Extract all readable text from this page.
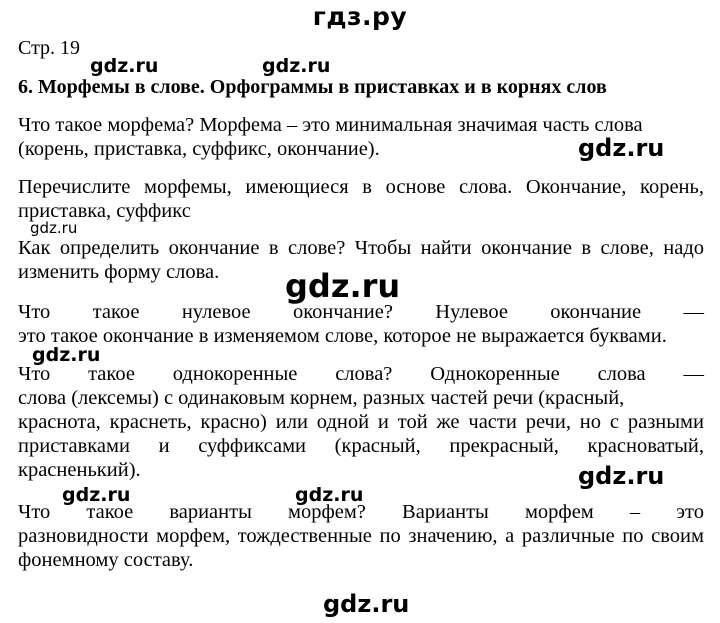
гдз.ру
Стр. 19
gdz.ru	gdz.ru
6. Морфемы в слове. Орфограммы в приставках и в корнях слов
Что такое морфема? Морфема – это минимальная значимая часть слова
(корень, приставка, суффикс, окончание).	gdz.ru
Перечислите морфемы, имеющиеся в основе слова. Окончание, корень,
приставка, суффикс
gdz.ru
Как определить окончание в слове? Чтобы найти окончание в слове, надо
изменить форму слова.	gdz.ru
Что такое нулевое окончание? Нулевое окончание —
это такое окончание в изменяемом слове, которое не выражается буквами.
gdz.ru
Что такое однокоренные слова? Однокоренные слова —
слова (лексемы) с одинаковым корнем, разных частей речи (красный,
краснота, краснеть, красно) или одной и той же части речи, но с разными
приставками и суффиксами (красный, прекрасный, красноватый,
красненький).	gdz.ru
gdz.ru	gdz.ru
Что такое варианты морфем? Варианты морфем – это
разновидности морфем, тождественные по значению, а различные по своим
фонемному составу.
gdz.ru
